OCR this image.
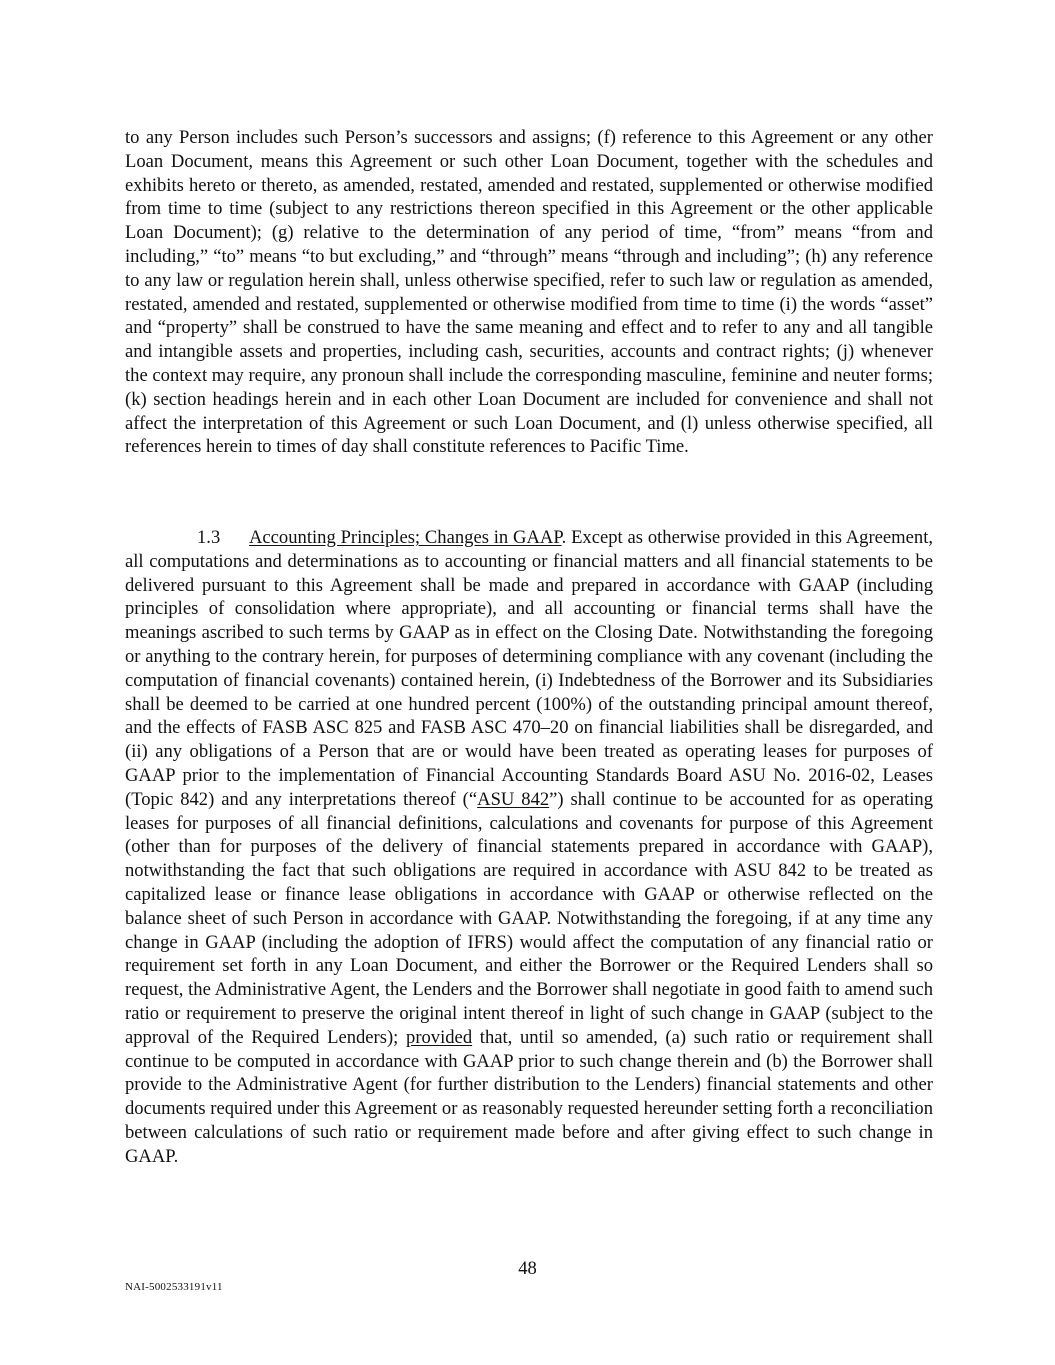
to any Person includes such Person’s successors and assigns; (f) reference to this Agreement or any other Loan Document, means this Agreement or such other Loan Document, together with the schedules and exhibits hereto or thereto, as amended, restated, amended and restated, supplemented or otherwise modified from time to time (subject to any restrictions thereon specified in this Agreement or the other applicable Loan Document); (g) relative to the determination of any period of time, “from” means “from and including,” “to” means “to but excluding,” and “through” means “through and including”; (h) any reference to any law or regulation herein shall, unless otherwise specified, refer to such law or regulation as amended, restated, amended and restated, supplemented or otherwise modified from time to time (i) the words “asset” and “property” shall be construed to have the same meaning and effect and to refer to any and all tangible and intangible assets and properties, including cash, securities, accounts and contract rights; (j) whenever the context may require, any pronoun shall include the corresponding masculine, feminine and neuter forms; (k) section headings herein and in each other Loan Document are included for convenience and shall not affect the interpretation of this Agreement or such Loan Document, and (l) unless otherwise specified, all references herein to times of day shall constitute references to Pacific Time.

1.3 Accounting Principles; Changes in GAAP. Except as otherwise provided in this Agreement, all computations and determinations as to accounting or financial matters and all financial statements to be delivered pursuant to this Agreement shall be made and prepared in accordance with GAAP (including principles of consolidation where appropriate), and all accounting or financial terms shall have the meanings ascribed to such terms by GAAP as in effect on the Closing Date. Notwithstanding the foregoing or anything to the contrary herein, for purposes of determining compliance with any covenant (including the computation of financial covenants) contained herein, (i) Indebtedness of the Borrower and its Subsidiaries shall be deemed to be carried at one hundred percent (100%) of the outstanding principal amount thereof, and the effects of FASB ASC 825 and FASB ASC 470–20 on financial liabilities shall be disregarded, and (ii) any obligations of a Person that are or would have been treated as operating leases for purposes of GAAP prior to the implementation of Financial Accounting Standards Board ASU No. 2016-02, Leases (Topic 842) and any interpretations thereof (“ASU 842”) shall continue to be accounted for as operating leases for purposes of all financial definitions, calculations and covenants for purpose of this Agreement (other than for purposes of the delivery of financial statements prepared in accordance with GAAP), notwithstanding the fact that such obligations are required in accordance with ASU 842 to be treated as capitalized lease or finance lease obligations in accordance with GAAP or otherwise reflected on the balance sheet of such Person in accordance with GAAP. Notwithstanding the foregoing, if at any time any change in GAAP (including the adoption of IFRS) would affect the computation of any financial ratio or requirement set forth in any Loan Document, and either the Borrower or the Required Lenders shall so request, the Administrative Agent, the Lenders and the Borrower shall negotiate in good faith to amend such ratio or requirement to preserve the original intent thereof in light of such change in GAAP (subject to the approval of the Required Lenders); provided that, until so amended, (a) such ratio or requirement shall continue to be computed in accordance with GAAP prior to such change therein and (b) the Borrower shall provide to the Administrative Agent (for further distribution to the Lenders) financial statements and other documents required under this Agreement or as reasonably requested hereunder setting forth a reconciliation between calculations of such ratio or requirement made before and after giving effect to such change in GAAP.

48
NAI-5002533191v11
